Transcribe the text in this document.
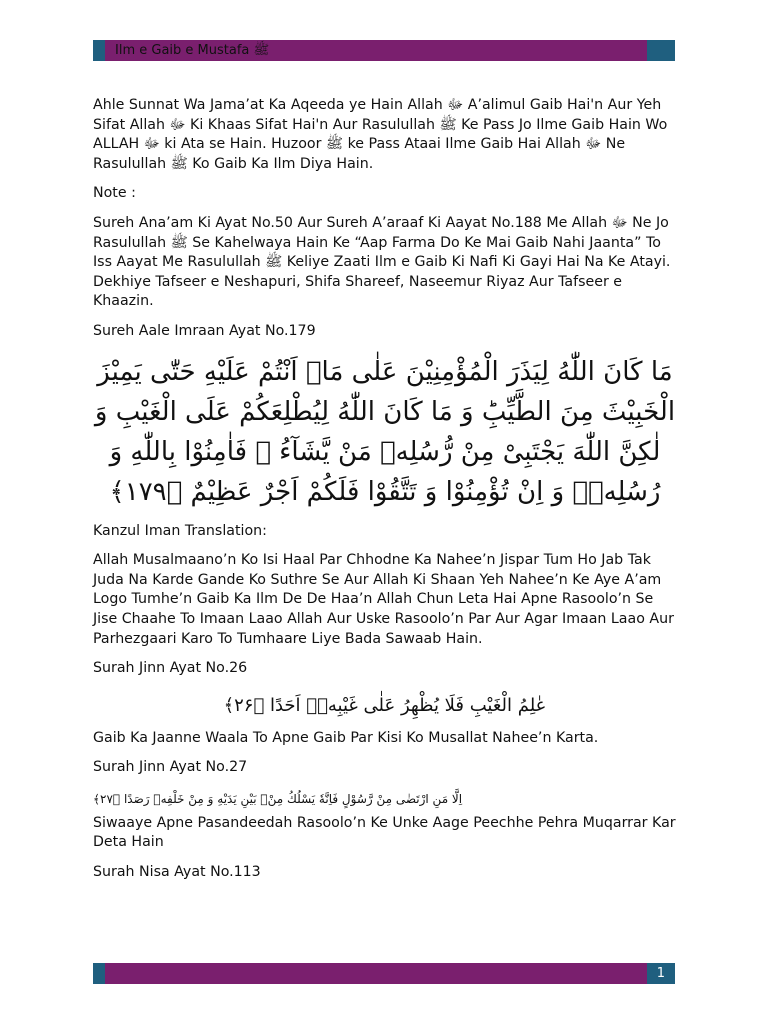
Ilm e Gaib e Mustafa ﷺ

Ahle Sunnat Wa Jama’at Ka Aqeeda ye Hain Allah ﷻ A’alimul Gaib Hai'n Aur Yeh Sifat Allah ﷻ Ki Khaas Sifat Hai'n Aur Rasulullah ﷺ Ke Pass Jo Ilme Gaib Hain Wo ALLAH ﷻ ki Ata se Hain. Huzoor ﷺ ke Pass Ataai Ilme Gaib Hai Allah ﷻ Ne Rasulullah ﷺ Ko Gaib Ka Ilm Diya Hain.

Note :

Sureh Ana’am Ki Ayat No.50 Aur Sureh A’araaf Ki Aayat No.188 Me Allah ﷻ Ne Jo Rasulullah ﷺ Se Kahelwaya Hain Ke “Aap Farma Do Ke Mai Gaib Nahi Jaanta” To Iss Aayat Me Rasulullah ﷺ Keliye Zaati Ilm e Gaib Ki Nafi Ki Gayi Hai Na Ke Atayi. Dekhiye Tafseer e Neshapuri, Shifa Shareef, Naseemur Riyaz Aur Tafseer e Khaazin.

Sureh Aale Imraan Ayat No.179

مَا كَانَ اللّٰهُ لِیَذَرَ الْمُؤْمِنِیْنَ عَلٰى مَاۤ اَنْتُمْ عَلَیْهِ حَتّٰى یَمِیْزَ الْخَبِیْثَ مِنَ الطَّیِّبِؕ وَ مَا كَانَ اللّٰهُ لِیُطْلِعَكُمْ عَلَى الْغَیْبِ وَ لٰكِنَّ اللّٰهَ یَجْتَبِیْ مِنْ رُّسُلِهٖ مَنْ یَّشَآءُ ۪ فَاٰمِنُوْا بِاللّٰهِ وَ رُسُلِهٖۚ وَ اِنْ تُؤْمِنُوْا وَ تَتَّقُوْا فَلَكُمْ اَجْرٌ عَظِیْمٌ ﴿۱۷۹﴾

Kanzul Iman Translation:

Allah Musalmaano’n Ko Isi Haal Par Chhodne Ka Nahee’n Jispar Tum Ho Jab Tak Juda Na Karde Gande Ko Suthre Se Aur Allah Ki Shaan Yeh Nahee’n Ke Aye A’am Logo Tumhe’n Gaib Ka Ilm De De Haa’n Allah Chun Leta Hai Apne Rasoolo’n Se Jise Chaahe To Imaan Laao Allah Aur Uske Rasoolo’n Par Aur Agar Imaan Laao Aur Parhezgaari Karo To Tumhaare Liye Bada Sawaab Hain.

Surah Jinn Ayat No.26

عٰلِمُ الْغَیْبِ فَلَا یُظْهِرُ عَلٰى غَیْبِهٖۤ اَحَدًا ﴿۲۶﴾

Gaib Ka Jaanne Waala To Apne Gaib Par Kisi Ko Musallat Nahee’n Karta.

Surah Jinn Ayat No.27

اِلَّا مَنِ ارْتَضٰى مِنْ رَّسُوْلٍ فَاِنَّهٗ یَسْلُكُ مِنْۢ بَیْنِ یَدَیْهِ وَ مِنْ خَلْفِهٖ رَصَدًا ﴿۲۷﴾

Siwaaye Apne Pasandeedah Rasoolo’n Ke Unke Aage Peechhe Pehra Muqarrar Kar Deta Hain

Surah Nisa Ayat No.113

1
